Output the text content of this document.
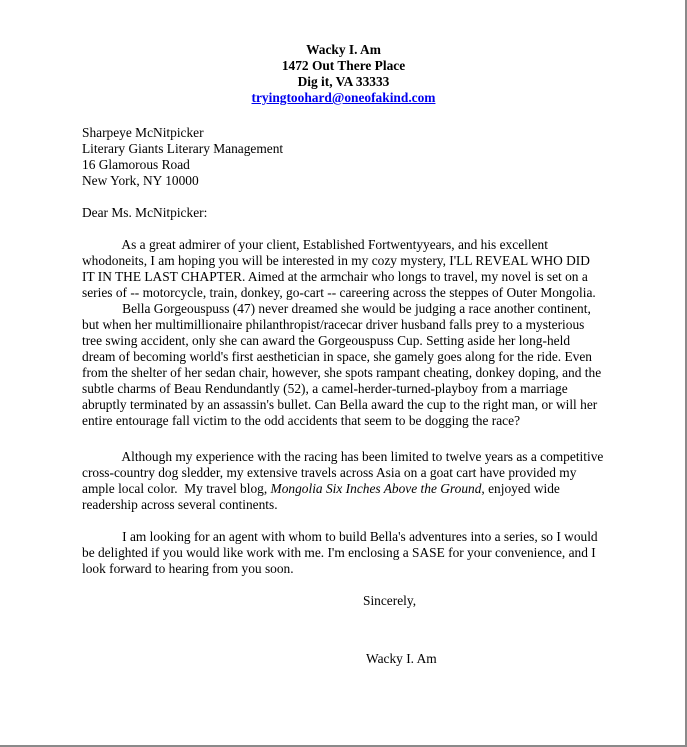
Wacky I. Am
1472 Out There Place
Dig it, VA 33333
tryingtoohard@oneofakind.com
Sharpeye McNitpicker
Literary Giants Literary Management
16 Glamorous Road
New York, NY 10000
Dear Ms. McNitpicker:
As a great admirer of your client, Established Fortwentyyears, and his excellent
whodoneits, I am hoping you will be interested in my cozy mystery, I'LL REVEAL WHO DID
IT IN THE LAST CHAPTER. Aimed at the armchair who longs to travel, my novel is set on a
series of -- motorcycle, train, donkey, go-cart -- careering across the steppes of Outer Mongolia.
Bella Gorgeouspuss (47) never dreamed she would be judging a race another continent,
but when her multimillionaire philanthropist/racecar driver husband falls prey to a mysterious
tree swing accident, only she can award the Gorgeouspuss Cup. Setting aside her long-held
dream of becoming world's first aesthetician in space, she gamely goes along for the ride. Even
from the shelter of her sedan chair, however, she spots rampant cheating, donkey doping, and the
subtle charms of Beau Rendundantly (52), a camel-herder-turned-playboy from a marriage
abruptly terminated by an assassin's bullet. Can Bella award the cup to the right man, or will her
entire entourage fall victim to the odd accidents that seem to be dogging the race?
Although my experience with the racing has been limited to twelve years as a competitive
cross-country dog sledder, my extensive travels across Asia on a goat cart have provided my
ample local color.  My travel blog, Mongolia Six Inches Above the Ground, enjoyed wide
readership across several continents.
I am looking for an agent with whom to build Bella's adventures into a series, so I would
be delighted if you would like work with me. I'm enclosing a SASE for your convenience, and I
look forward to hearing from you soon.
Sincerely,
Wacky I. Am
